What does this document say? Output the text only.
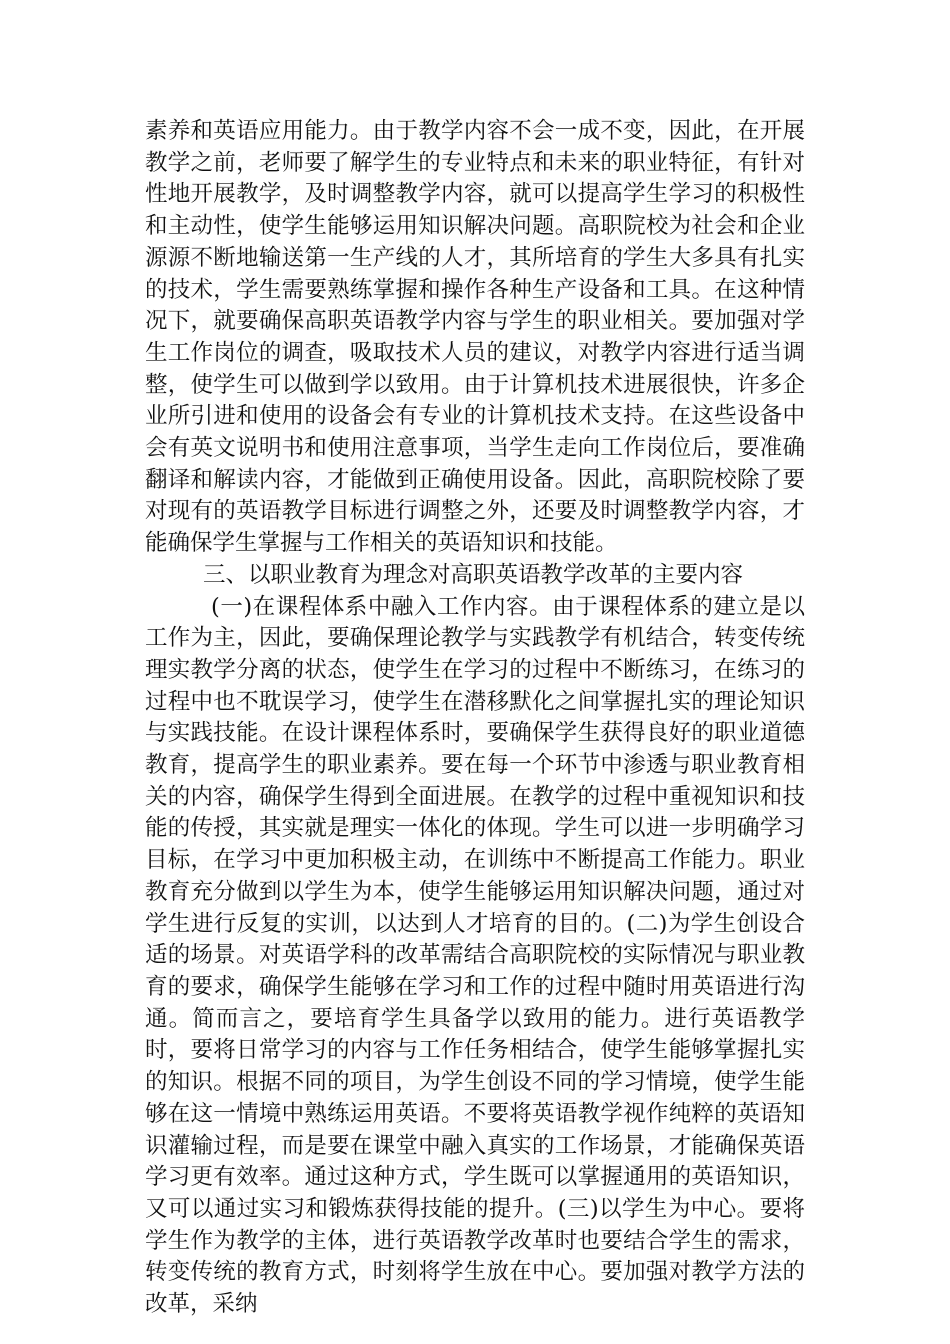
素养和英语应用能力。由于教学内容不会一成不变，因此，在开展教学之前，老师要了解学生的专业特点和未来的职业特征，有针对性地开展教学，及时调整教学内容，就可以提高学生学习的积极性和主动性，使学生能够运用知识解决问题。高职院校为社会和企业源源不断地输送第一生产线的人才，其所培育的学生大多具有扎实的技术，学生需要熟练掌握和操作各种生产设备和工具。在这种情况下，就要确保高职英语教学内容与学生的职业相关。要加强对学生工作岗位的调查，吸取技术人员的建议，对教学内容进行适当调整，使学生可以做到学以致用。由于计算机技术进展很快，许多企业所引进和使用的设备会有专业的计算机技术支持。在这些设备中会有英文说明书和使用注意事项，当学生走向工作岗位后，要准确翻译和解读内容，才能做到正确使用设备。因此，高职院校除了要对现有的英语教学目标进行调整之外，还要及时调整教学内容，才能确保学生掌握与工作相关的英语知识和技能。

三、以职业教育为理念对高职英语教学改革的主要内容

(一)在课程体系中融入工作内容。由于课程体系的建立是以工作为主，因此，要确保理论教学与实践教学有机结合，转变传统理实教学分离的状态，使学生在学习的过程中不断练习，在练习的过程中也不耽误学习，使学生在潜移默化之间掌握扎实的理论知识与实践技能。在设计课程体系时，要确保学生获得良好的职业道德教育，提高学生的职业素养。要在每一个环节中渗透与职业教育相关的内容，确保学生得到全面进展。在教学的过程中重视知识和技能的传授，其实就是理实一体化的体现。学生可以进一步明确学习目标，在学习中更加积极主动，在训练中不断提高工作能力。职业教育充分做到以学生为本，使学生能够运用知识解决问题，通过对学生进行反复的实训，以达到人才培育的目的。(二)为学生创设合适的场景。对英语学科的改革需结合高职院校的实际情况与职业教育的要求，确保学生能够在学习和工作的过程中随时用英语进行沟通。简而言之，要培育学生具备学以致用的能力。进行英语教学时，要将日常学习的内容与工作任务相结合，使学生能够掌握扎实的知识。根据不同的项目，为学生创设不同的学习情境，使学生能够在这一情境中熟练运用英语。不要将英语教学视作纯粹的英语知识灌输过程，而是要在课堂中融入真实的工作场景，才能确保英语学习更有效率。通过这种方式，学生既可以掌握通用的英语知识，又可以通过实习和锻炼获得技能的提升。(三)以学生为中心。要将学生作为教学的主体，进行英语教学改革时也要结合学生的需求，转变传统的教育方式，时刻将学生放在中心。要加强对教学方法的改革，采纳
